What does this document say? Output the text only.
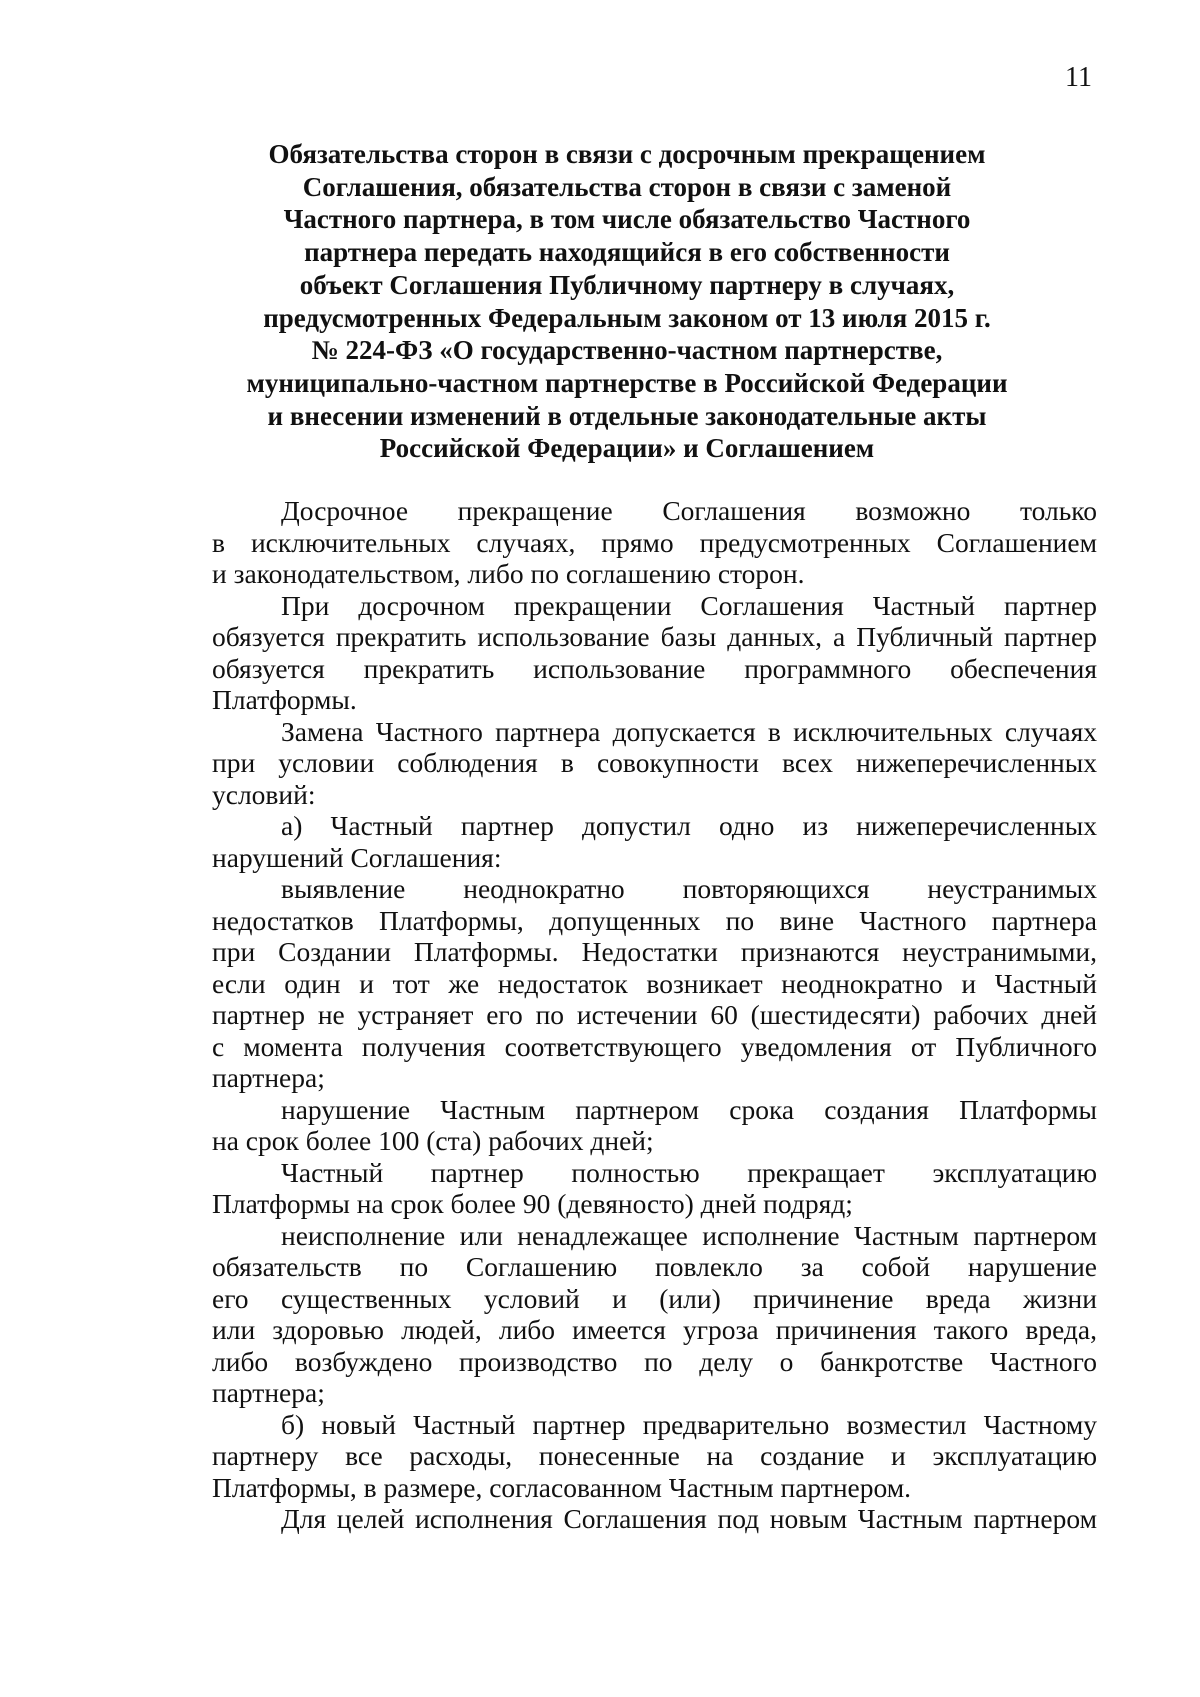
11
Обязательства сторон в связи с досрочным прекращением
Соглашения, обязательства сторон в связи с заменой
Частного партнера, в том числе обязательство Частного
партнера передать находящийся в его собственности
объект Соглашения Публичному партнеру в случаях,
предусмотренных Федеральным законом от 13 июля 2015 г.
№ 224-ФЗ «О государственно-частном партнерстве,
муниципально-частном партнерстве в Российской Федерации
и внесении изменений в отдельные законодательные акты
Российской Федерации» и Соглашением
Досрочное прекращение Соглашения возможно только
в исключительных случаях, прямо предусмотренных Соглашением
и законодательством, либо по соглашению сторон.
При досрочном прекращении Соглашения Частный партнер
обязуется прекратить использование базы данных, а Публичный партнер
обязуется прекратить использование программного обеспечения
Платформы.
Замена Частного партнера допускается в исключительных случаях
при условии соблюдения в совокупности всех нижеперечисленных
условий:
а) Частный партнер допустил одно из нижеперечисленных
нарушений Соглашения:
выявление неоднократно повторяющихся неустранимых
недостатков Платформы, допущенных по вине Частного партнера
при Создании Платформы. Недостатки признаются неустранимыми,
если один и тот же недостаток возникает неоднократно и Частный
партнер не устраняет его по истечении 60 (шестидесяти) рабочих дней
с момента получения соответствующего уведомления от Публичного
партнера;
нарушение Частным партнером срока создания Платформы
на срок более 100 (ста) рабочих дней;
Частный партнер полностью прекращает эксплуатацию
Платформы на срок более 90 (девяносто) дней подряд;
неисполнение или ненадлежащее исполнение Частным партнером
обязательств по Соглашению повлекло за собой нарушение
его существенных условий и (или) причинение вреда жизни
или здоровью людей, либо имеется угроза причинения такого вреда,
либо возбуждено производство по делу о банкротстве Частного
партнера;
б) новый Частный партнер предварительно возместил Частному
партнеру все расходы, понесенные на создание и эксплуатацию
Платформы, в размере, согласованном Частным партнером.
Для целей исполнения Соглашения под новым Частным партнером
